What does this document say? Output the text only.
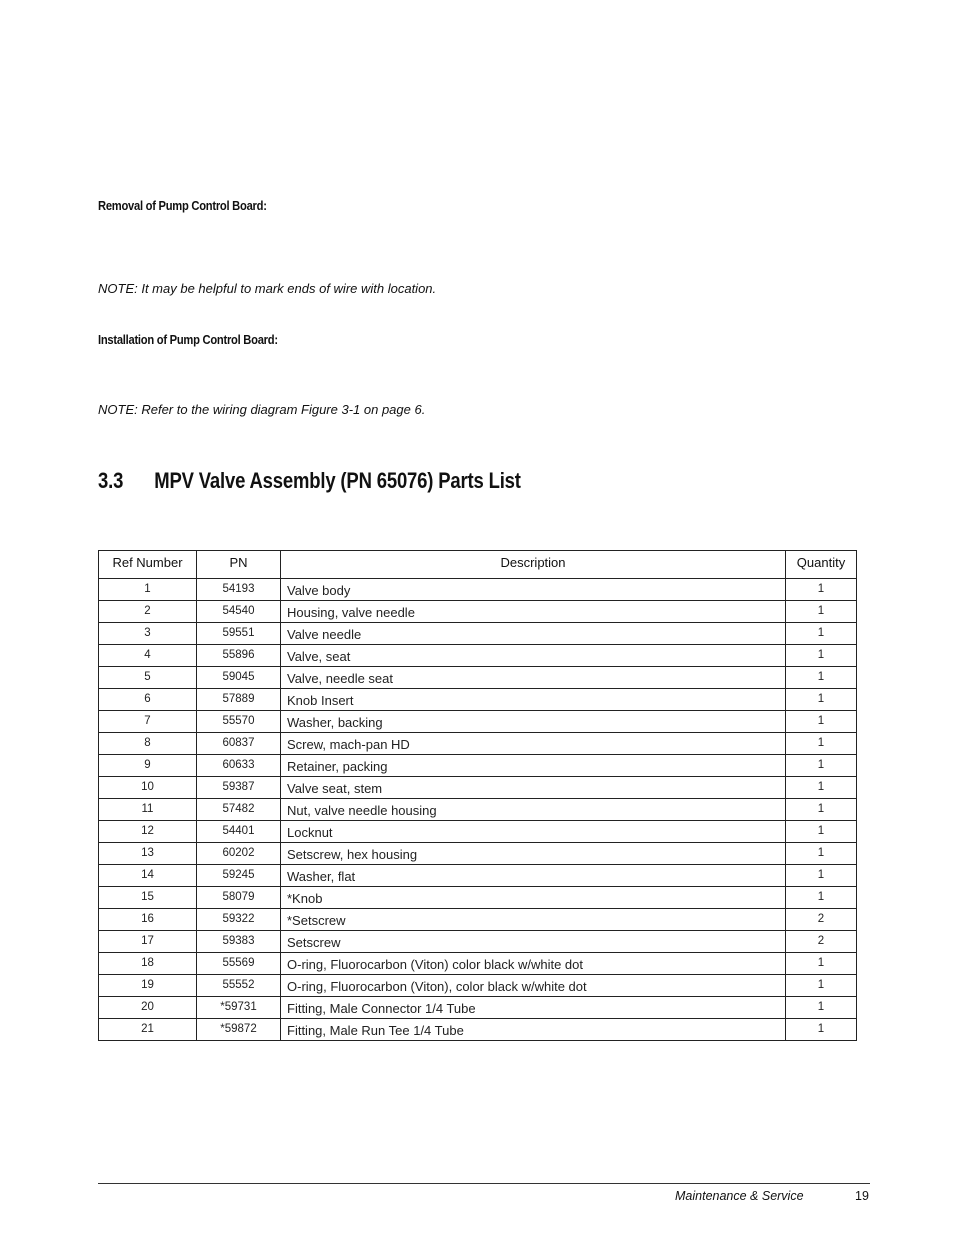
Removal of Pump Control Board:
NOTE: It may be helpful to mark ends of wire with location.
Installation of Pump Control Board:
NOTE: Refer to the wiring diagram Figure 3-1 on page 6.
3.3 MPV Valve Assembly (PN 65076) Parts List
Ref Number	PN	Description	Quantity
1	54193	Valve body	1
2	54540	Housing, valve needle	1
3	59551	Valve needle	1
4	55896	Valve, seat	1
5	59045	Valve, needle seat	1
6	57889	Knob Insert	1
7	55570	Washer, backing	1
8	60837	Screw, mach-pan HD	1
9	60633	Retainer, packing	1
10	59387	Valve seat, stem	1
11	57482	Nut, valve needle housing	1
12	54401	Locknut	1
13	60202	Setscrew, hex housing	1
14	59245	Washer, flat	1
15	58079	*Knob	1
16	59322	*Setscrew	2
17	59383	Setscrew	2
18	55569	O-ring, Fluorocarbon (Viton) color black w/white dot	1
19	55552	O-ring, Fluorocarbon (Viton), color black w/white dot	1
20	*59731	Fitting, Male Connector 1/4 Tube	1
21	*59872	Fitting, Male Run Tee 1/4 Tube	1
Maintenance & Service	19
